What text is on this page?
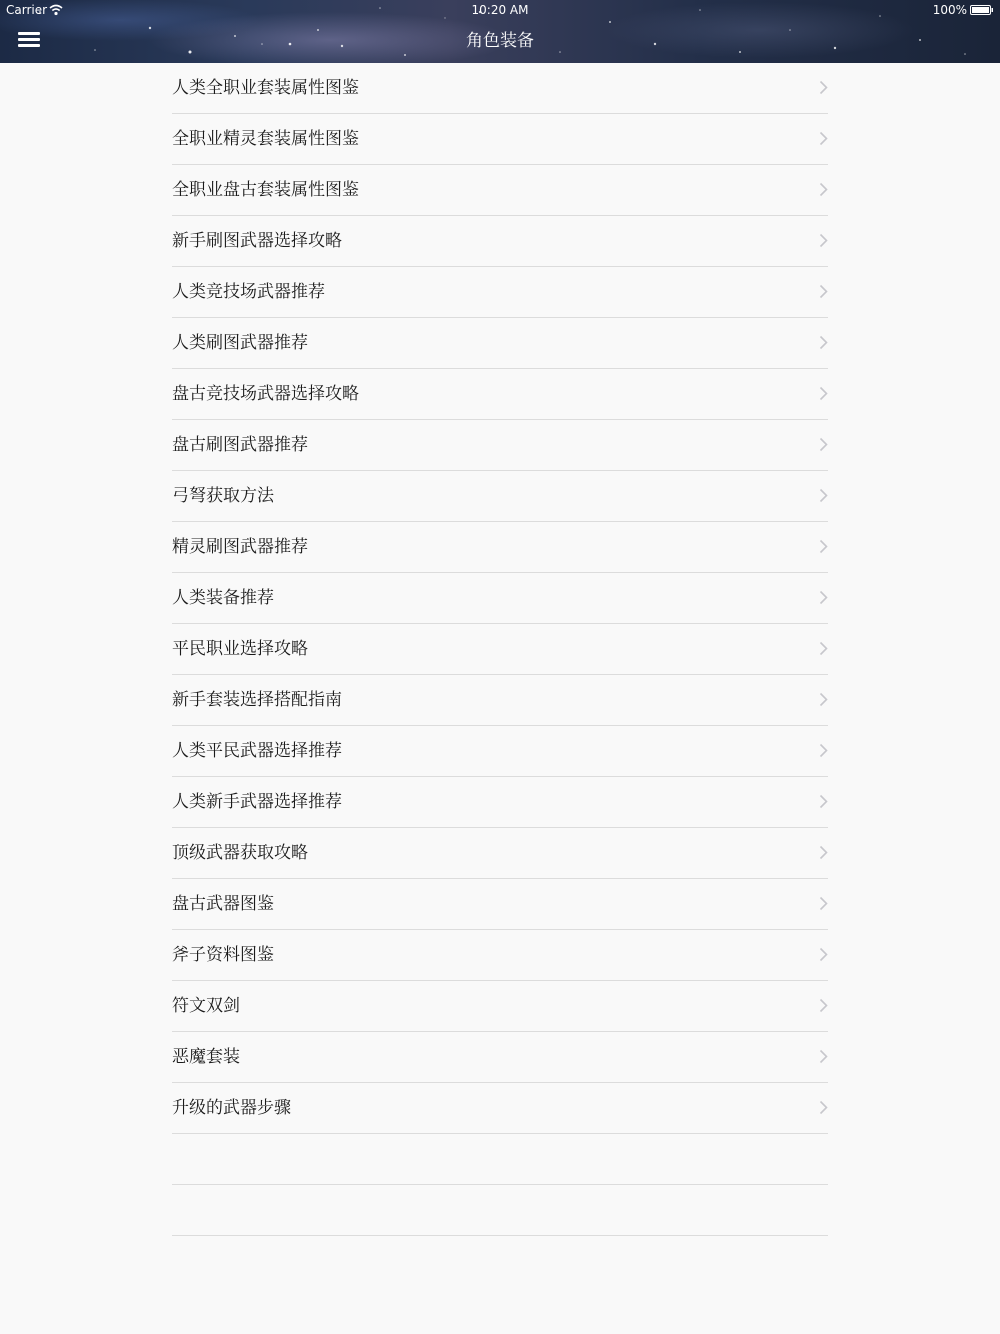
Carrier	10:20 AM	100%
角色装备
人类全职业套装属性图鉴
全职业精灵套装属性图鉴
全职业盘古套装属性图鉴
新手刷图武器选择攻略
人类竞技场武器推荐
人类刷图武器推荐
盘古竞技场武器选择攻略
盘古刷图武器推荐
弓弩获取方法
精灵刷图武器推荐
人类装备推荐
平民职业选择攻略
新手套装选择搭配指南
人类平民武器选择推荐
人类新手武器选择推荐
顶级武器获取攻略
盘古武器图鉴
斧子资料图鉴
符文双剑
恶魔套装
升级的武器步骤
